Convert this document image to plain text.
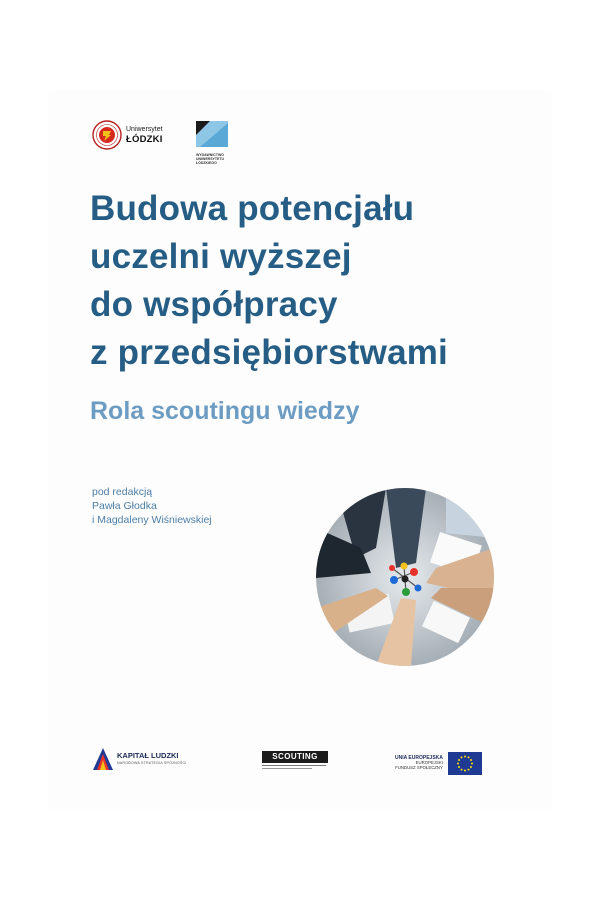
Uniwersytet
ŁÓDZKI
WYDAWNICTWO UNIWERSYTETU ŁÓDZKIEGO
Budowa potencjału
uczelni wyższej
do współpracy
z przedsiębiorstwami
Rola scoutingu wiedzy

pod redakcją
Pawła Głodka
i Magdaleny Wiśniewskiej

KAPITAŁ LUDZKI
NARODOWA STRATEGIA SPÓJNOŚCI
SCOUTING	UNIA EUROPEJSKA
EUROPEJSKI
FUNDUSZ SPOŁECZNY
